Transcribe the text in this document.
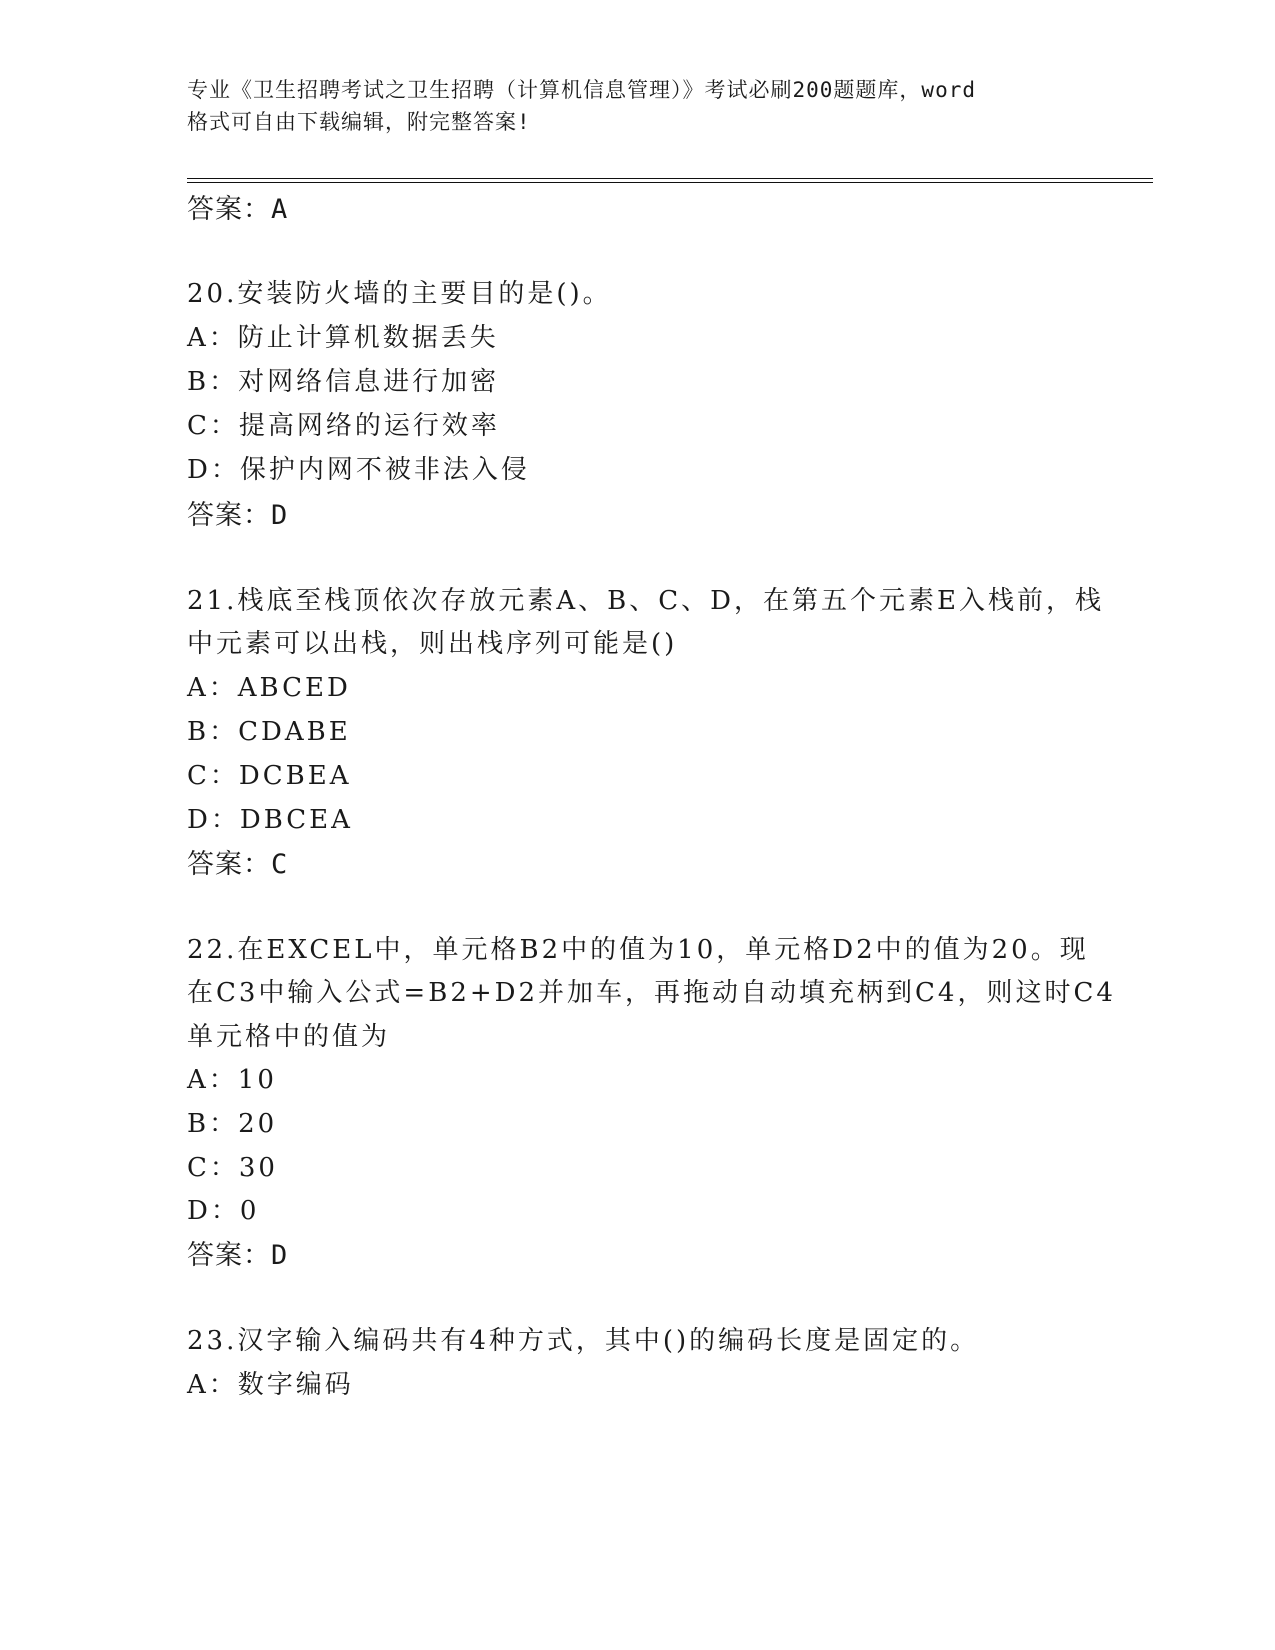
专业《卫生招聘考试之卫生招聘（计算机信息管理）》考试必刷200题题库，word
格式可自由下载编辑，附完整答案!
答案：A
20.安装防火墙的主要目的是()。
A：防止计算机数据丢失
B：对网络信息进行加密
C：提高网络的运行效率
D：保护内网不被非法入侵
答案：D
21.栈底至栈顶依次存放元素A、B、C、D，在第五个元素E入栈前，栈
中元素可以出栈，则出栈序列可能是()
A：ABCED
B：CDABE
C：DCBEA
D：DBCEA
答案：C
22.在EXCEL中，单元格B2中的值为10，单元格D2中的值为20。现
在C3中输入公式=B2+D2并加车，再拖动自动填充柄到C4，则这时C4
单元格中的值为
A：10
B：20
C：30
D：0
答案：D
23.汉字输入编码共有4种方式，其中()的编码长度是固定的。
A：数字编码
